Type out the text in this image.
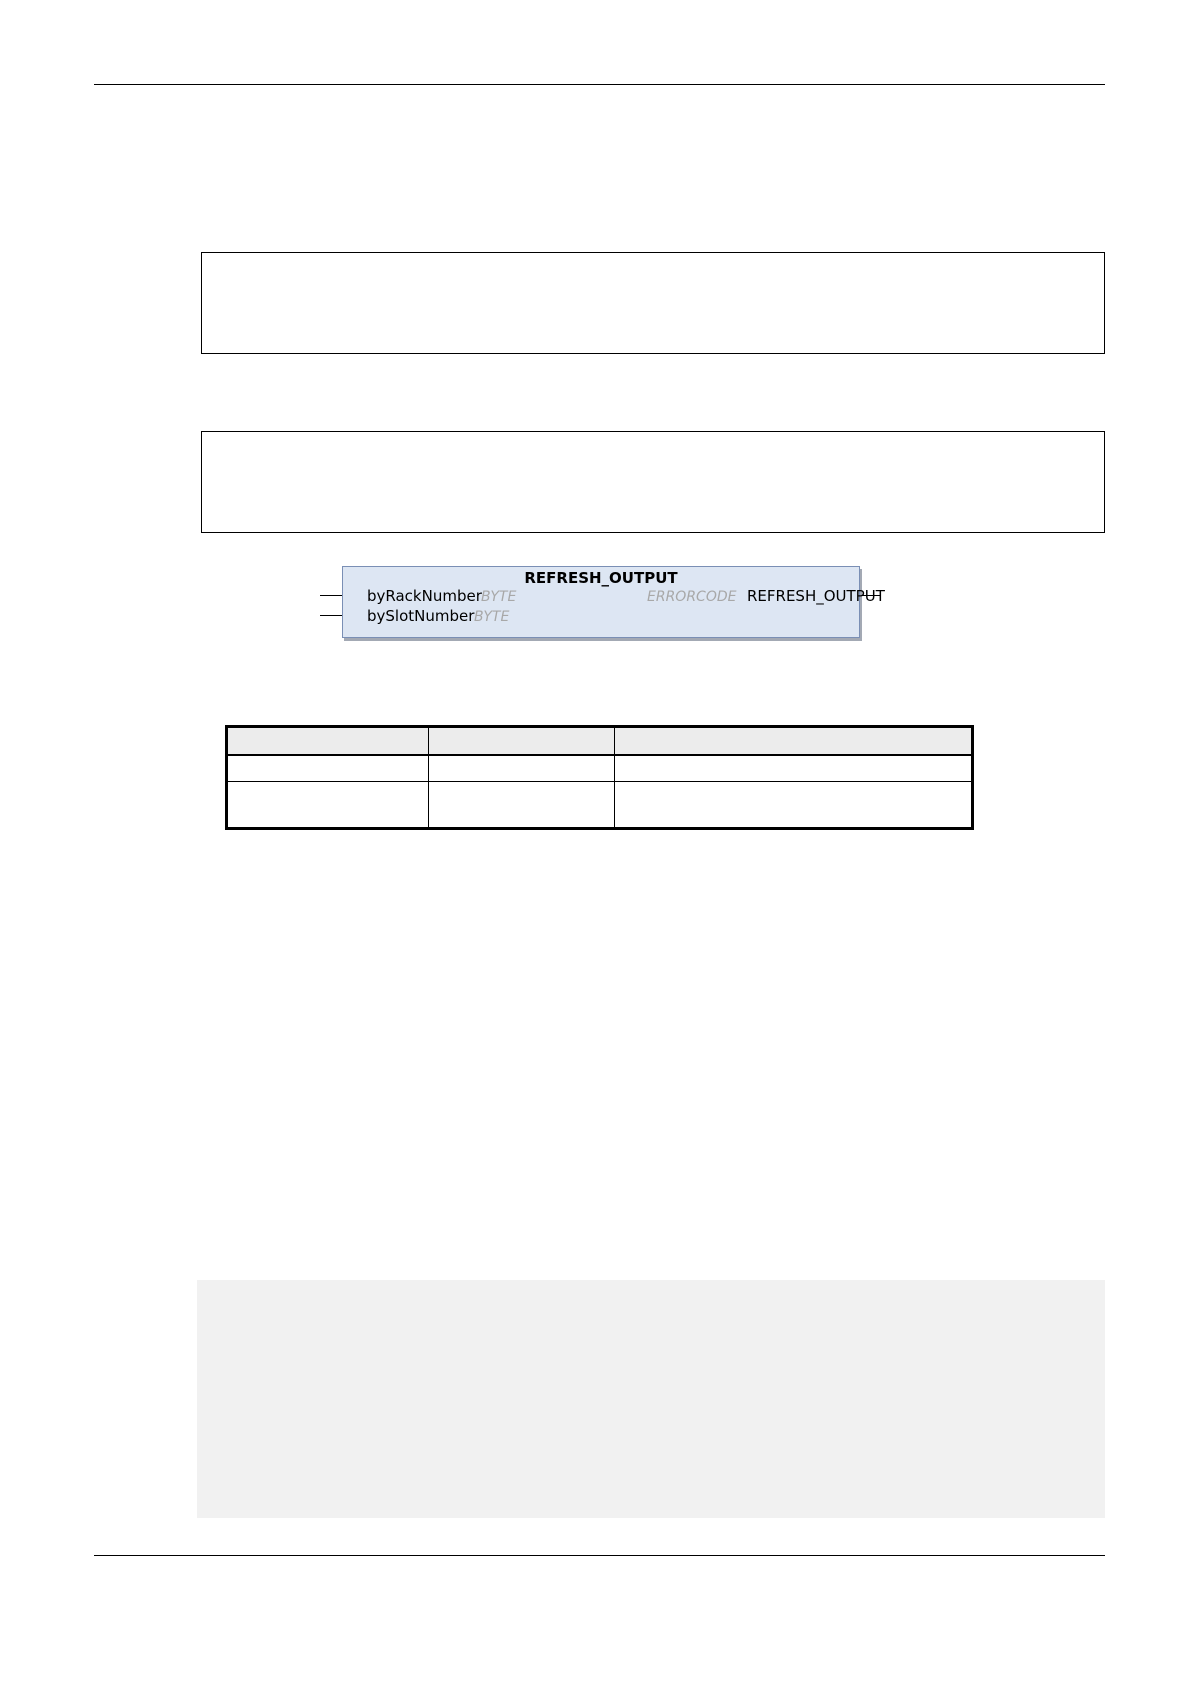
REFRESH_OUTPUT
byRackNumber BYTE
bySlotNumber BYTE
ERRORCODE REFRESH_OUTPUT
